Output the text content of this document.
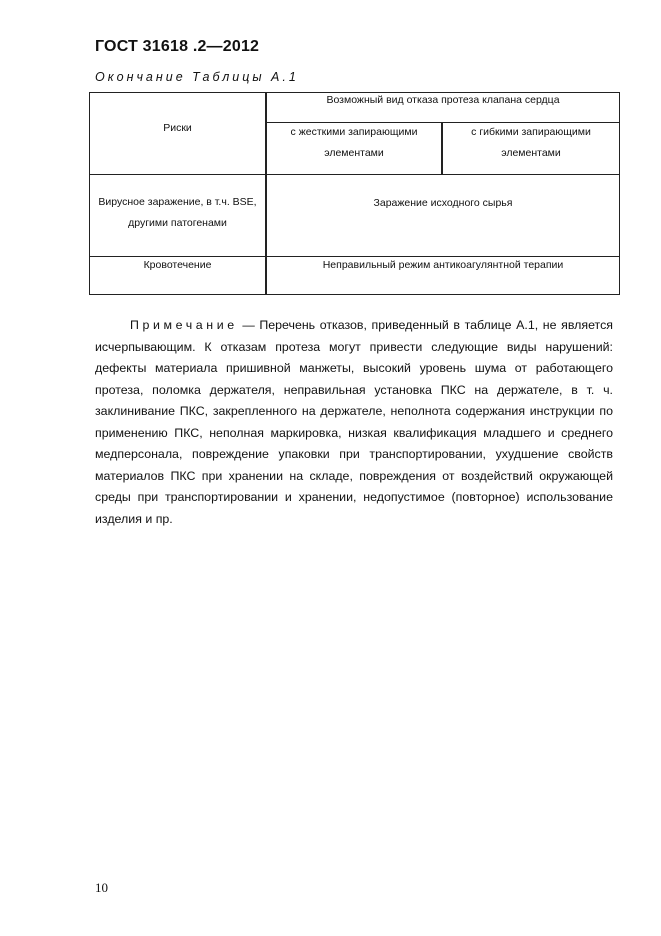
ГОСТ 31618 .2—2012
Окончание Таблицы А.1
Риски
Возможный вид отказа протеза клапана сердца
с жесткими запирающими элементами
с гибкими запирающими элементами
Вирусное заражение, в т.ч. BSE, другими патогенами
Заражение исходного сырья
Кровотечение	Неправильный режим антикоагулянтной терапии
Примечание — Перечень отказов, приведенный в таблице А.1, не является исчерпывающим. К отказам протеза могут привести следующие виды нарушений: дефекты материала пришивной манжеты, высокий уровень шума от работающего протеза, поломка держателя, неправильная установка ПКС на держателе, в т. ч. заклинивание ПКС, закрепленного на держателе, неполнота содержания инструкции по применению ПКС, неполная маркировка, низкая квалификация младшего и среднего медперсонала, повреждение упаковки при транспортировании, ухудшение свойств материалов ПКС при хранении на складе, повреждения от воздействий окружающей среды при транспортировании и хранении, недопустимое (повторное) использование изделия и пр.
10
